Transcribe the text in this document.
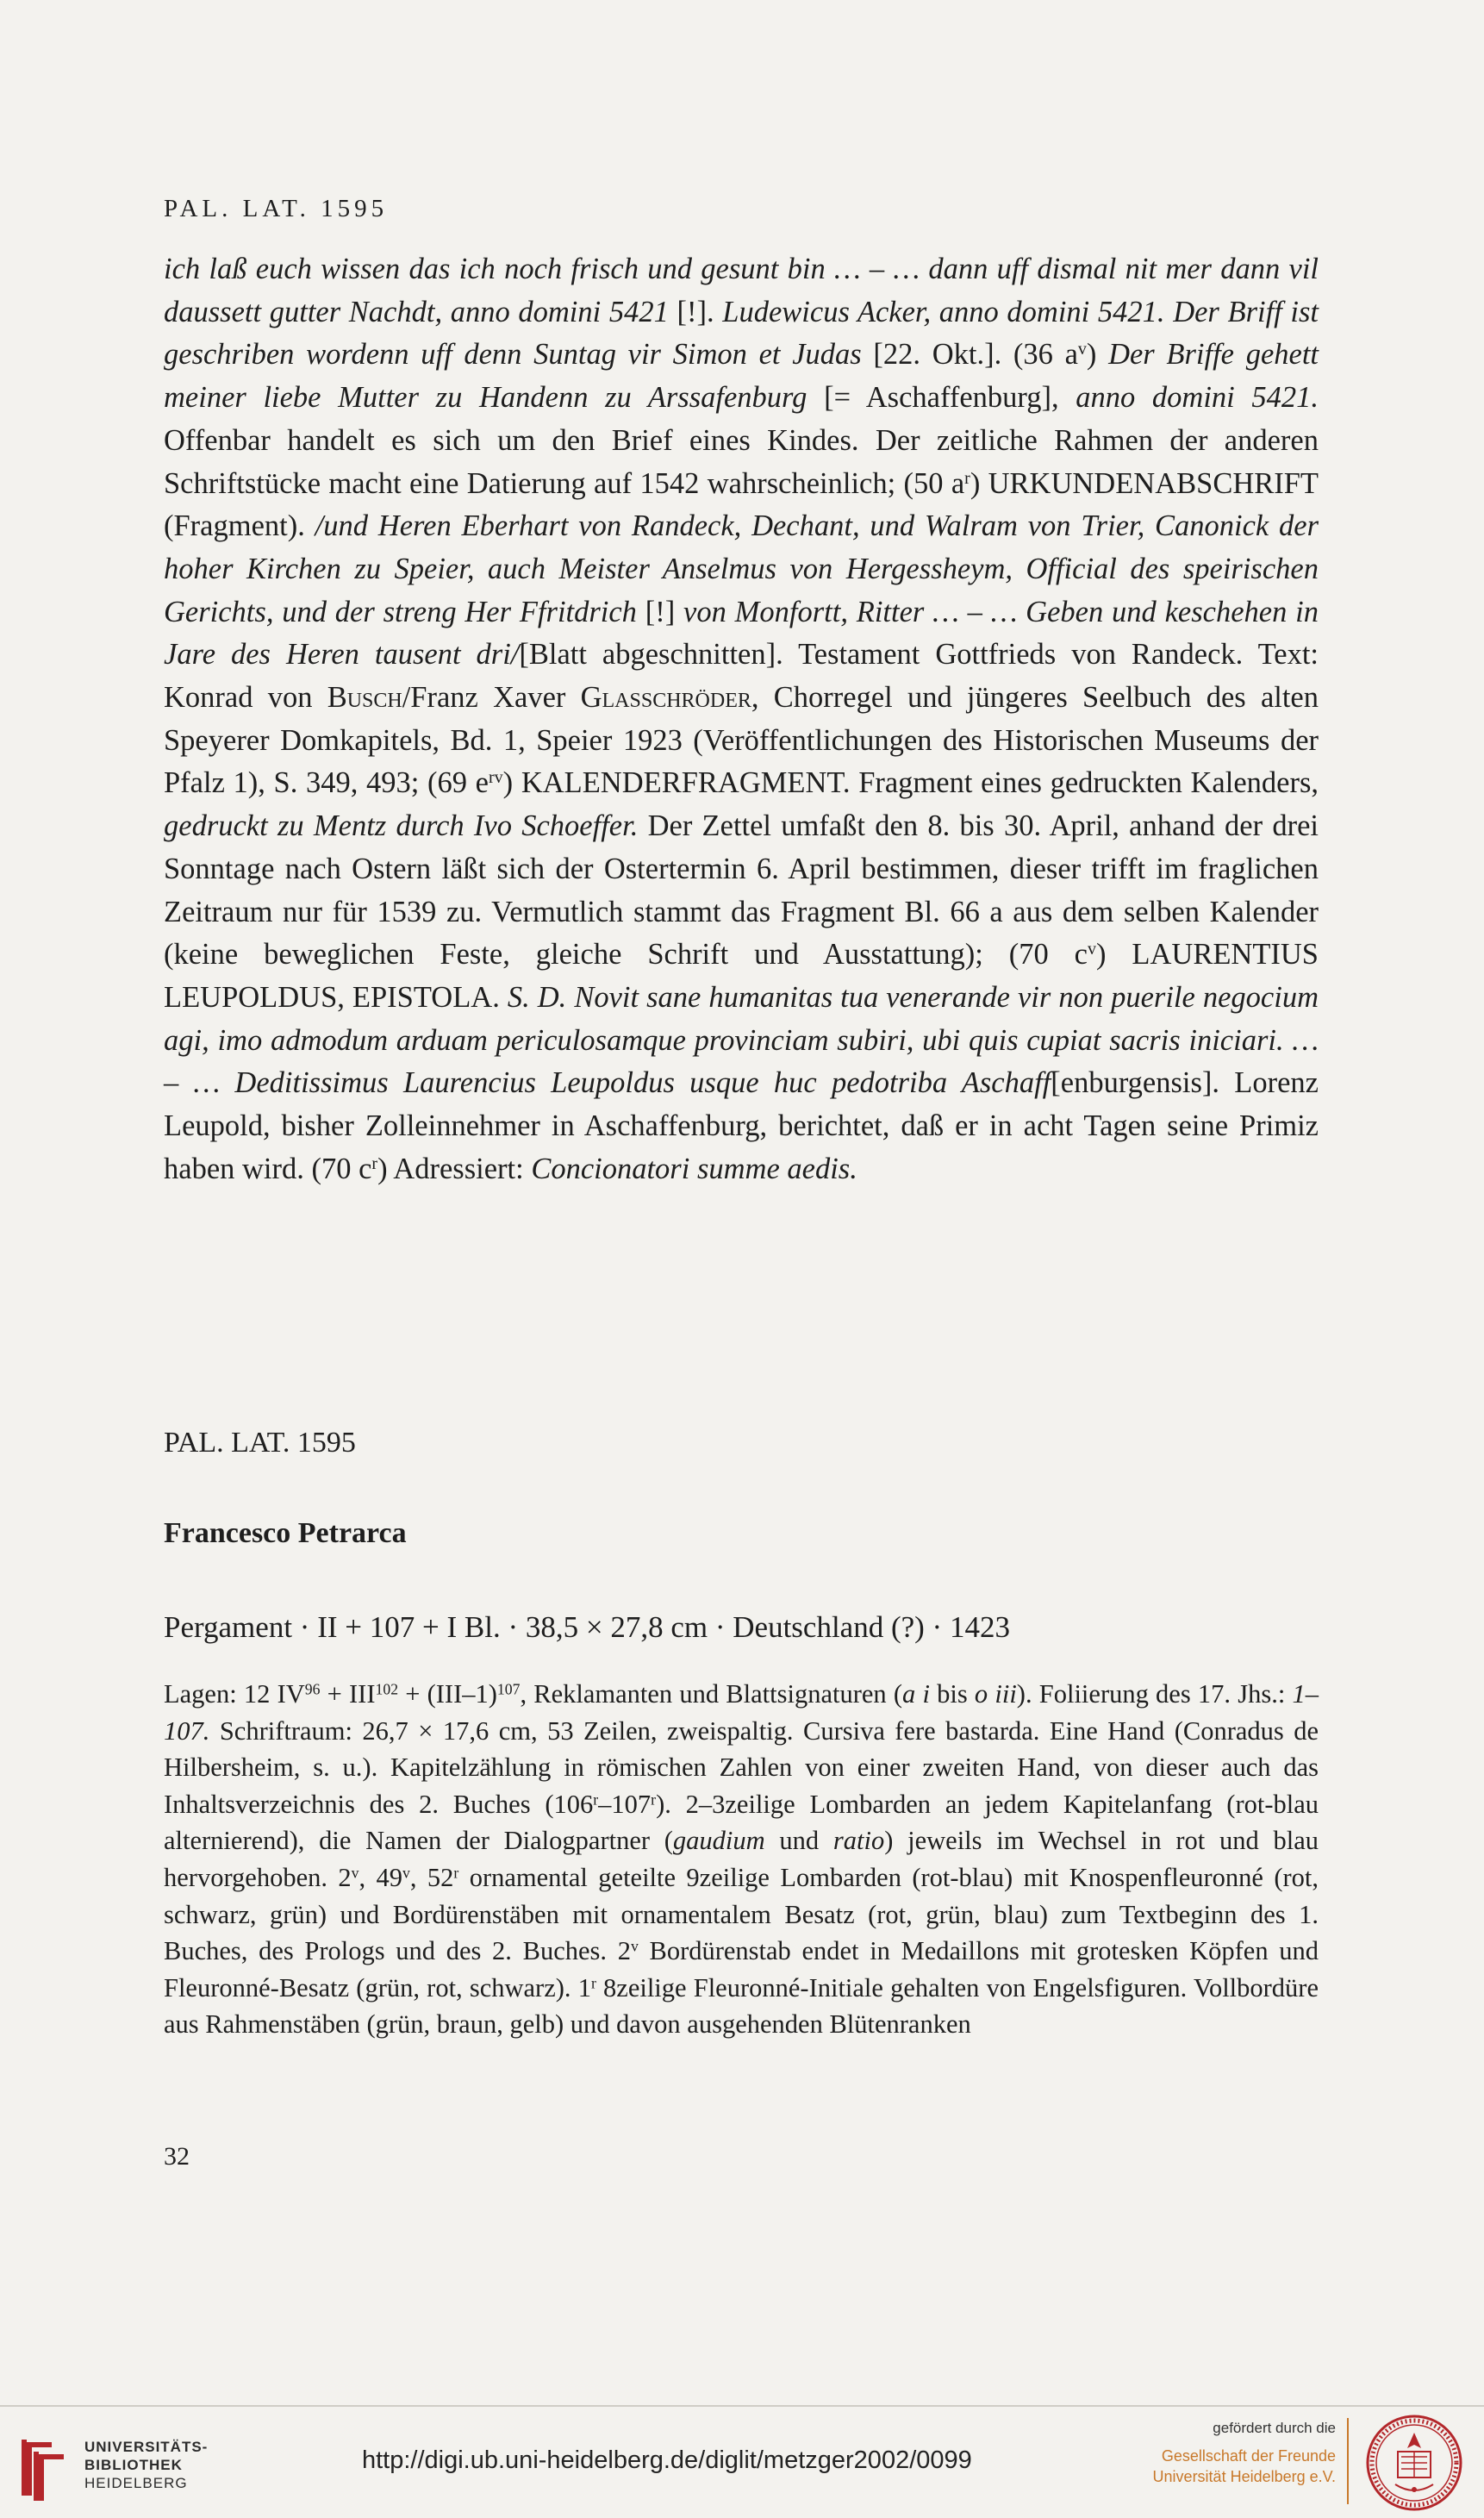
PAL. LAT. 1595

ich laß euch wissen das ich noch frisch und gesunt bin … – … dann uff dismal nit mer dann vil daussett gutter Nachdt, anno domini 5421 [!]. Ludewicus Acker, anno domini 5421. Der Briff ist geschriben wordenn uff denn Suntag vir Simon et Judas [22. Okt.]. (36 $a^v$) Der Briffe gehett meiner liebe Mutter zu Handenn zu Arssafenburg [= Aschaffenburg], anno domini 5421. Offenbar handelt es sich um den Brief eines Kindes. Der zeitliche Rahmen der anderen Schriftstücke macht eine Datierung auf 1542 wahrscheinlich; (50 $a^r$) URKUNDENABSCHRIFT (Fragment). /und Heren Eberhart von Randeck, Dechant, und Walram von Trier, Canonick der hoher Kirchen zu Speier, auch Meister Anselmus von Hergessheym, Official des speirischen Gerichts, und der streng Her Ffritdrich [!] von Monfortt, Ritter … – … Geben und keschehen in Jare des Heren tausent dri/[Blatt abgeschnitten]. Testament Gottfrieds von Randeck. Text: Konrad von Busch/Franz Xaver Glasschröder, Chorregel und jüngeres Seelbuch des alten Speyerer Domkapitels, Bd. 1, Speier 1923 (Veröffentlichungen des Historischen Museums der Pfalz 1), S. 349, 493; (69 $e^{rv}$) KALENDERFRAGMENT. Fragment eines gedruckten Kalenders, gedruckt zu Mentz durch Ivo Schoeffer. Der Zettel umfaßt den 8. bis 30. April, anhand der drei Sonntage nach Ostern läßt sich der Ostertermin 6. April bestimmen, dieser trifft im fraglichen Zeitraum nur für 1539 zu. Vermutlich stammt das Fragment Bl. 66 a aus dem selben Kalender (keine beweglichen Feste, gleiche Schrift und Ausstattung); (70 $c^v$) LAURENTIUS LEUPOLDUS, EPISTOLA. S. D. Novit sane humanitas tua venerande vir non puerile negocium agi, imo admodum arduam periculosamque provinciam subiri, ubi quis cupiat sacris iniciari. … – … Deditissimus Laurencius Leupoldus usque huc pedotriba Aschaff[enburgensis]. Lorenz Leupold, bisher Zolleinnehmer in Aschaffenburg, berichtet, daß er in acht Tagen seine Primiz haben wird. (70 $c^r$) Adressiert: Concionatori summe aedis.

PAL. LAT. 1595
Francesco Petrarca
Pergament · II + 107 + I Bl. · 38,5 × 27,8 cm · Deutschland (?) · 1423

Lagen: 12 $IV^{96} + III^{102} + (III-1)^{107}$, Reklamanten und Blattsignaturen (a i bis o iii). Foliierung des 17. Jhs.: 1–107. Schriftraum: 26,7 × 17,6 cm, 53 Zeilen, zweispaltig. Cursiva fere bastarda. Eine Hand (Conradus de Hilbersheim, s. u.). Kapitelzählung in römischen Zahlen von einer zweiten Hand, von dieser auch das Inhaltsverzeichnis des 2. Buches (106$^r$–107$^r$). 2–3zeilige Lombarden an jedem Kapitelanfang (rot-blau alternierend), die Namen der Dialogpartner (gaudium und ratio) jeweils im Wechsel in rot und blau hervorgehoben. 2$^v$, 49$^v$, 52$^r$ ornamental geteilte 9zeilige Lombarden (rot-blau) mit Knospenfleuronné (rot, schwarz, grün) und Bordürenstäben mit ornamentalem Besatz (rot, grün, blau) zum Textbeginn des 1. Buches, des Prologs und des 2. Buches. 2$^v$ Bordürenstab endet in Medaillons mit grotesken Köpfen und Fleuronné-Besatz (grün, rot, schwarz). 1$^r$ 8zeilige Fleuronné-Initiale gehalten von Engelsfiguren. Vollbordüre aus Rahmenstäben (grün, braun, gelb) und davon ausgehenden Blütenranken

32
UNIVERSITÄTS-
BIBLIOTHEK
HEIDELBERG
http://digi.ub.uni-heidelberg.de/diglit/metzger2002/0099
gefördert durch die
Gesellschaft der Freunde
Universität Heidelberg e.V.
